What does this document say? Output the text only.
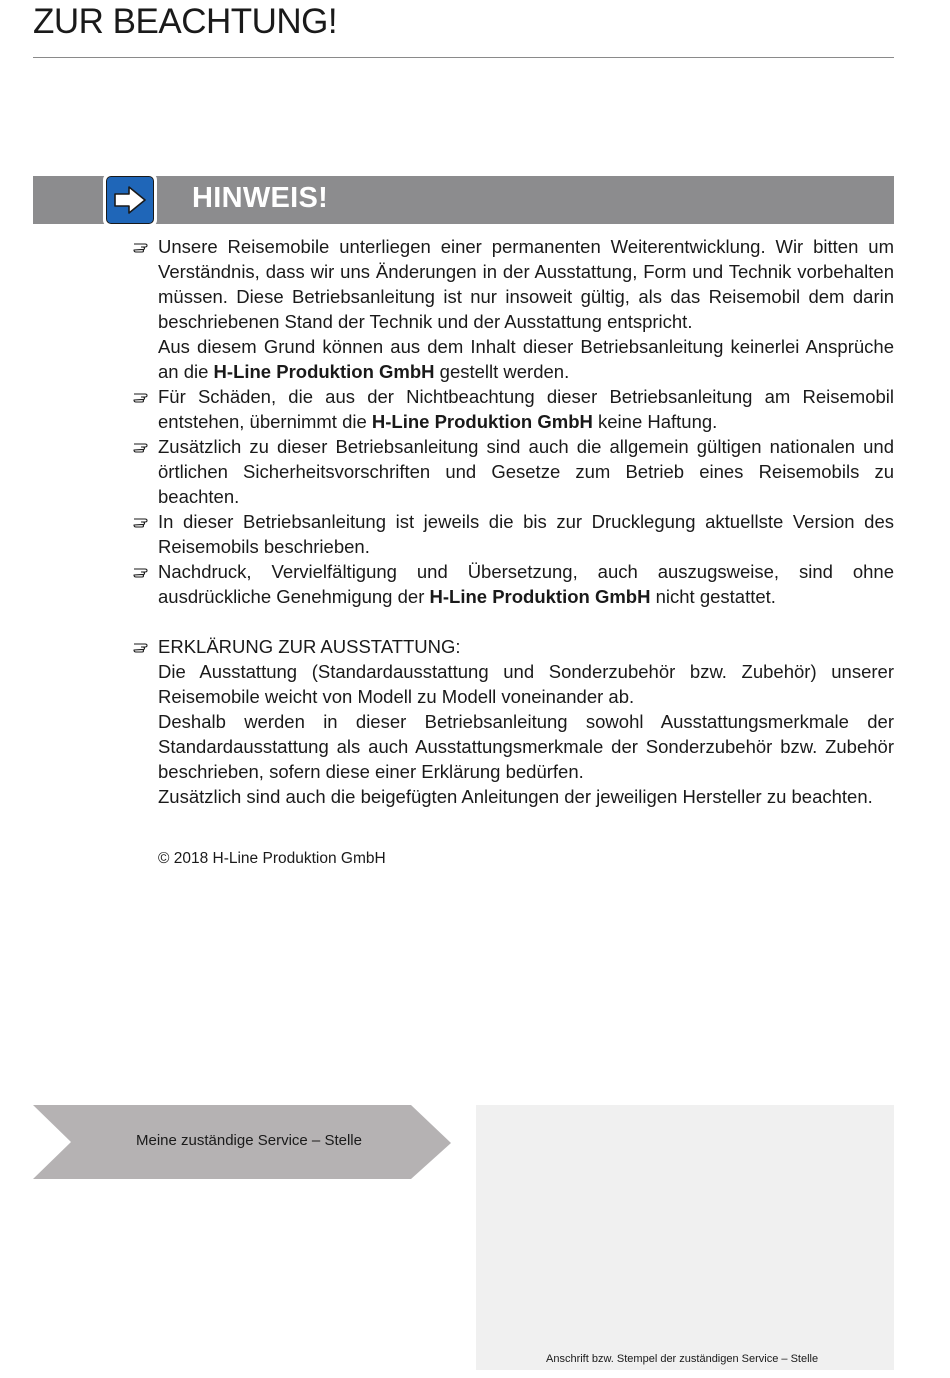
ZUR BEACHTUNG!
HINWEIS!

Unsere Reisemobile unterliegen einer permanenten Weiterentwicklung. Wir bitten um Verständnis, dass wir uns Änderungen in der Ausstattung, Form und Technik vorbehalten müssen. Diese Betriebsanleitung ist nur insoweit gültig, als das Reisemobil dem darin beschriebenen Stand der Technik und der Ausstattung entspricht.

Aus diesem Grund können aus dem Inhalt dieser Betriebsanleitung keinerlei Ansprüche an die H-Line Produktion GmbH gestellt werden.

Für Schäden, die aus der Nichtbeachtung dieser Betriebsanleitung am Reisemobil entstehen, übernimmt die H-Line Produktion GmbH keine Haftung.

Zusätzlich zu dieser Betriebsanleitung sind auch die allgemein gültigen nationalen und örtlichen Sicherheitsvorschriften und Gesetze zum Betrieb eines Reisemobils zu beachten.

In dieser Betriebsanleitung ist jeweils die bis zur Drucklegung aktuellste Version des Reisemobils beschrieben.

Nachdruck, Vervielfältigung und Übersetzung, auch auszugsweise, sind ohne ausdrückliche Genehmigung der H-Line Produktion GmbH nicht gestattet.

ERKLÄRUNG ZUR AUSSTATTUNG:

Die Ausstattung (Standardausstattung und Sonderzubehör bzw. Zubehör) unserer Reisemobile weicht von Modell zu Modell voneinander ab.

Deshalb werden in dieser Betriebsanleitung sowohl Ausstattungsmerkmale der Standardausstattung als auch Ausstattungsmerkmale der Sonderzubehör bzw. Zubehör beschrieben, sofern diese einer Erklärung bedürfen.

Zusätzlich sind auch die beigefügten Anleitungen der jeweiligen Hersteller zu beachten.

© 2018 H-Line Produktion GmbH
Meine zuständige Service – Stelle
Anschrift bzw. Stempel der zuständigen Service – Stelle
